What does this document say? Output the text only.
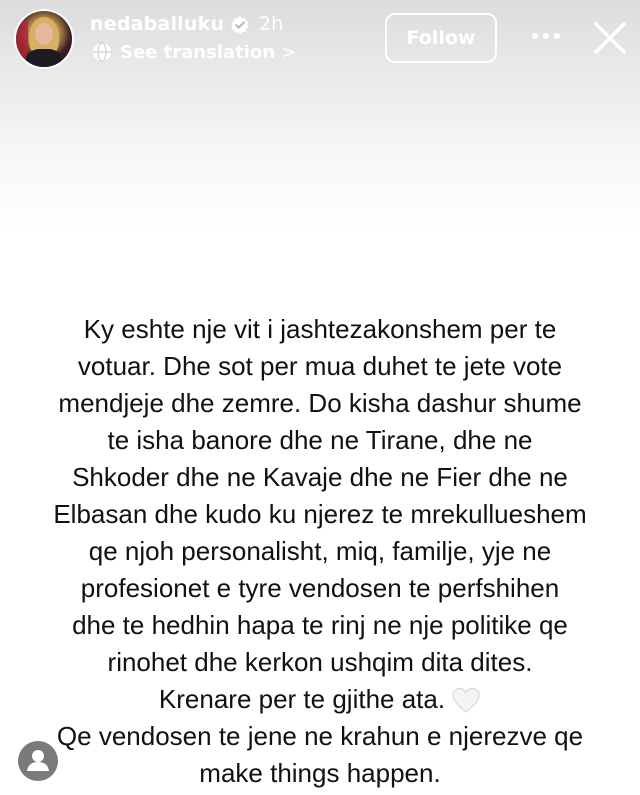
nedaballuku 2h
See translation >
Follow
Ky eshte nje vit i jashtezakonshem per te
votuar. Dhe sot per mua duhet te jete vote
mendjeje dhe zemre. Do kisha dashur shume
te isha banore dhe ne Tirane, dhe ne
Shkoder dhe ne Kavaje dhe ne Fier dhe ne
Elbasan dhe kudo ku njerez te mrekullueshem
qe njoh personalisht, miq, familje, yje ne
profesionet e tyre vendosen te perfshihen
dhe te hedhin hapa te rinj ne nje politike qe
rinohet dhe kerkon ushqim dita dites.
Krenare per te gjithe ata.
Qe vendosen te jene ne krahun e njerezve qe
make things happen.
